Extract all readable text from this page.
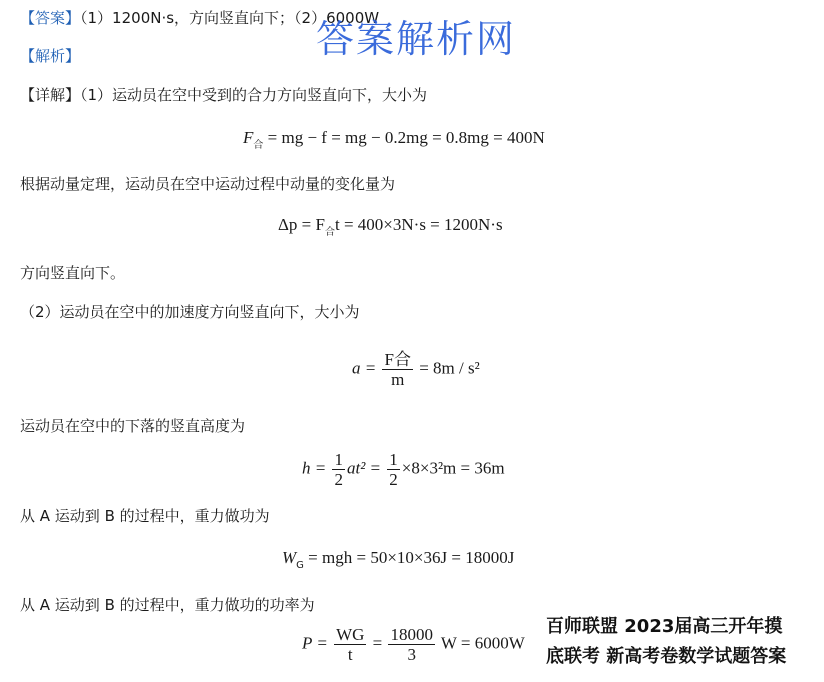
【答案】（1）1200N·s，方向竖直向下；（2）6000W
答案解析网
【解析】
【详解】（1）运动员在空中受到的合力方向竖直向下，大小为
$F_合$ = mg − f = mg − 0.2mg = 0.8mg = 400N
根据动量定理，运动员在空中运动过程中动量的变化量为
$\Delta p = F_合t = 400\times 3N\cdot s = 1200N\cdot s$
方向竖直向下。
（2）运动员在空中的加速度方向竖直向下，大小为
$a = \frac{\text{F合}}{m} = 8m / s^2$
运动员在空中的下落的竖直高度为
$h = \frac{1}{2} at^2 = \frac{1}{2} \times 8\times 3^2m = 36m$
从 A 运动到 B 的过程中，重力做功为
$W_G$ = mgh = 50×10×36J = 18000J
从 A 运动到 B 的过程中，重力做功的功率为
$P = \frac{WG}{t} = \frac{18000}{3}$ W = 6000W
百师联盟 2023届高三开年摸
底联考 新高考卷数学试题答案
